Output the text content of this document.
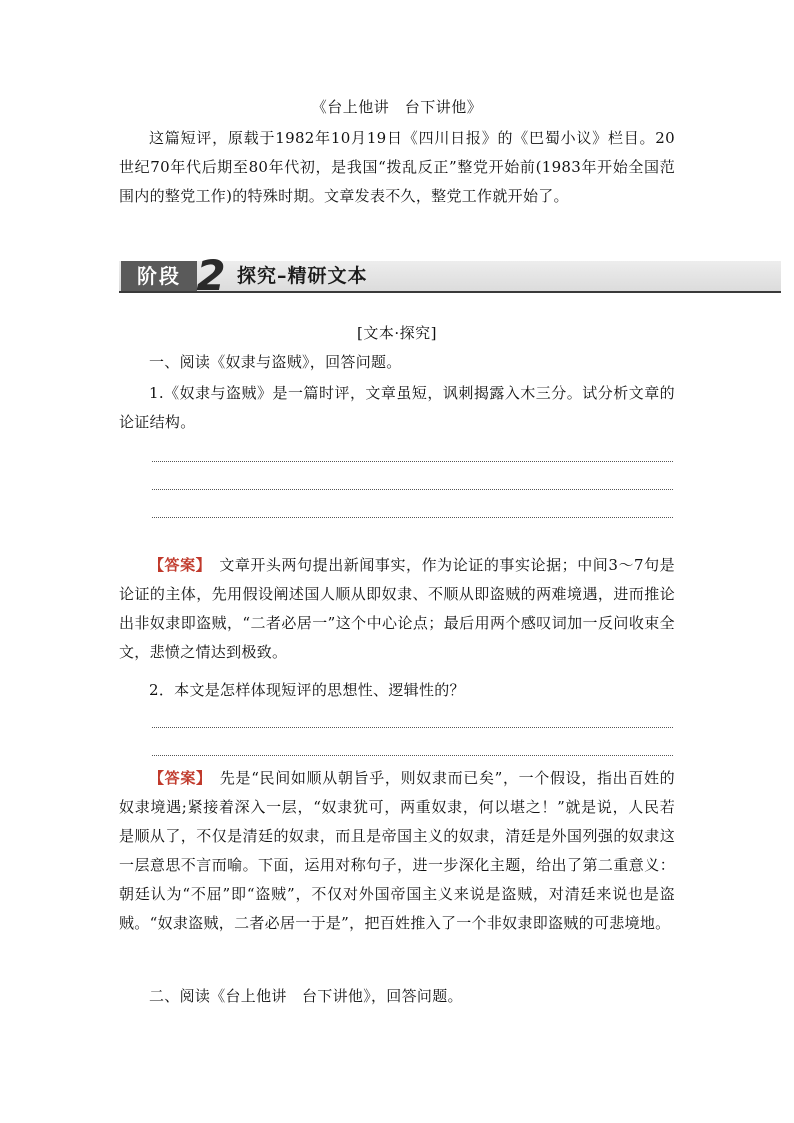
《台上他讲　台下讲他》
这篇短评，原载于1982年10月19日《四川日报》的《巴蜀小议》栏目。20世纪70年代后期至80年代初，是我国“拨乱反正”整党开始前(1983年开始全国范围内的整党工作)的特殊时期。文章发表不久，整党工作就开始了。
阶段 2 探究–精研文本
[文本·探究]
一、阅读《奴隶与盗贼》，回答问题。
1.《奴隶与盗贼》是一篇时评，文章虽短，讽刺揭露入木三分。试分析文章的论证结构。
【答案】　 文章开头两句提出新闻事实，作为论证的事实论据；中间3～7句是论证的主体，先用假设阐述国人顺从即奴隶、不顺从即盗贼的两难境遇，进而推论出非奴隶即盗贼，“二者必居一”这个中心论点；最后用两个感叹词加一反问收束全文，悲愤之情达到极致。
2．本文是怎样体现短评的思想性、逻辑性的？
【答案】　 先是“民间如顺从朝旨乎，则奴隶而已矣”，一个假设，指出百姓的奴隶境遇;紧接着深入一层，“奴隶犹可，两重奴隶，何以堪之！”就是说，人民若是顺从了，不仅是清廷的奴隶，而且是帝国主义的奴隶，清廷是外国列强的奴隶这一层意思不言而喻。下面，运用对称句子，进一步深化主题，给出了第二重意义：朝廷认为“不屈”即“盗贼”，不仅对外国帝国主义来说是盗贼，对清廷来说也是盗贼。“奴隶盗贼，二者必居一于是”，把百姓推入了一个非奴隶即盗贼的可悲境地。
二、阅读《台上他讲　台下讲他》，回答问题。
